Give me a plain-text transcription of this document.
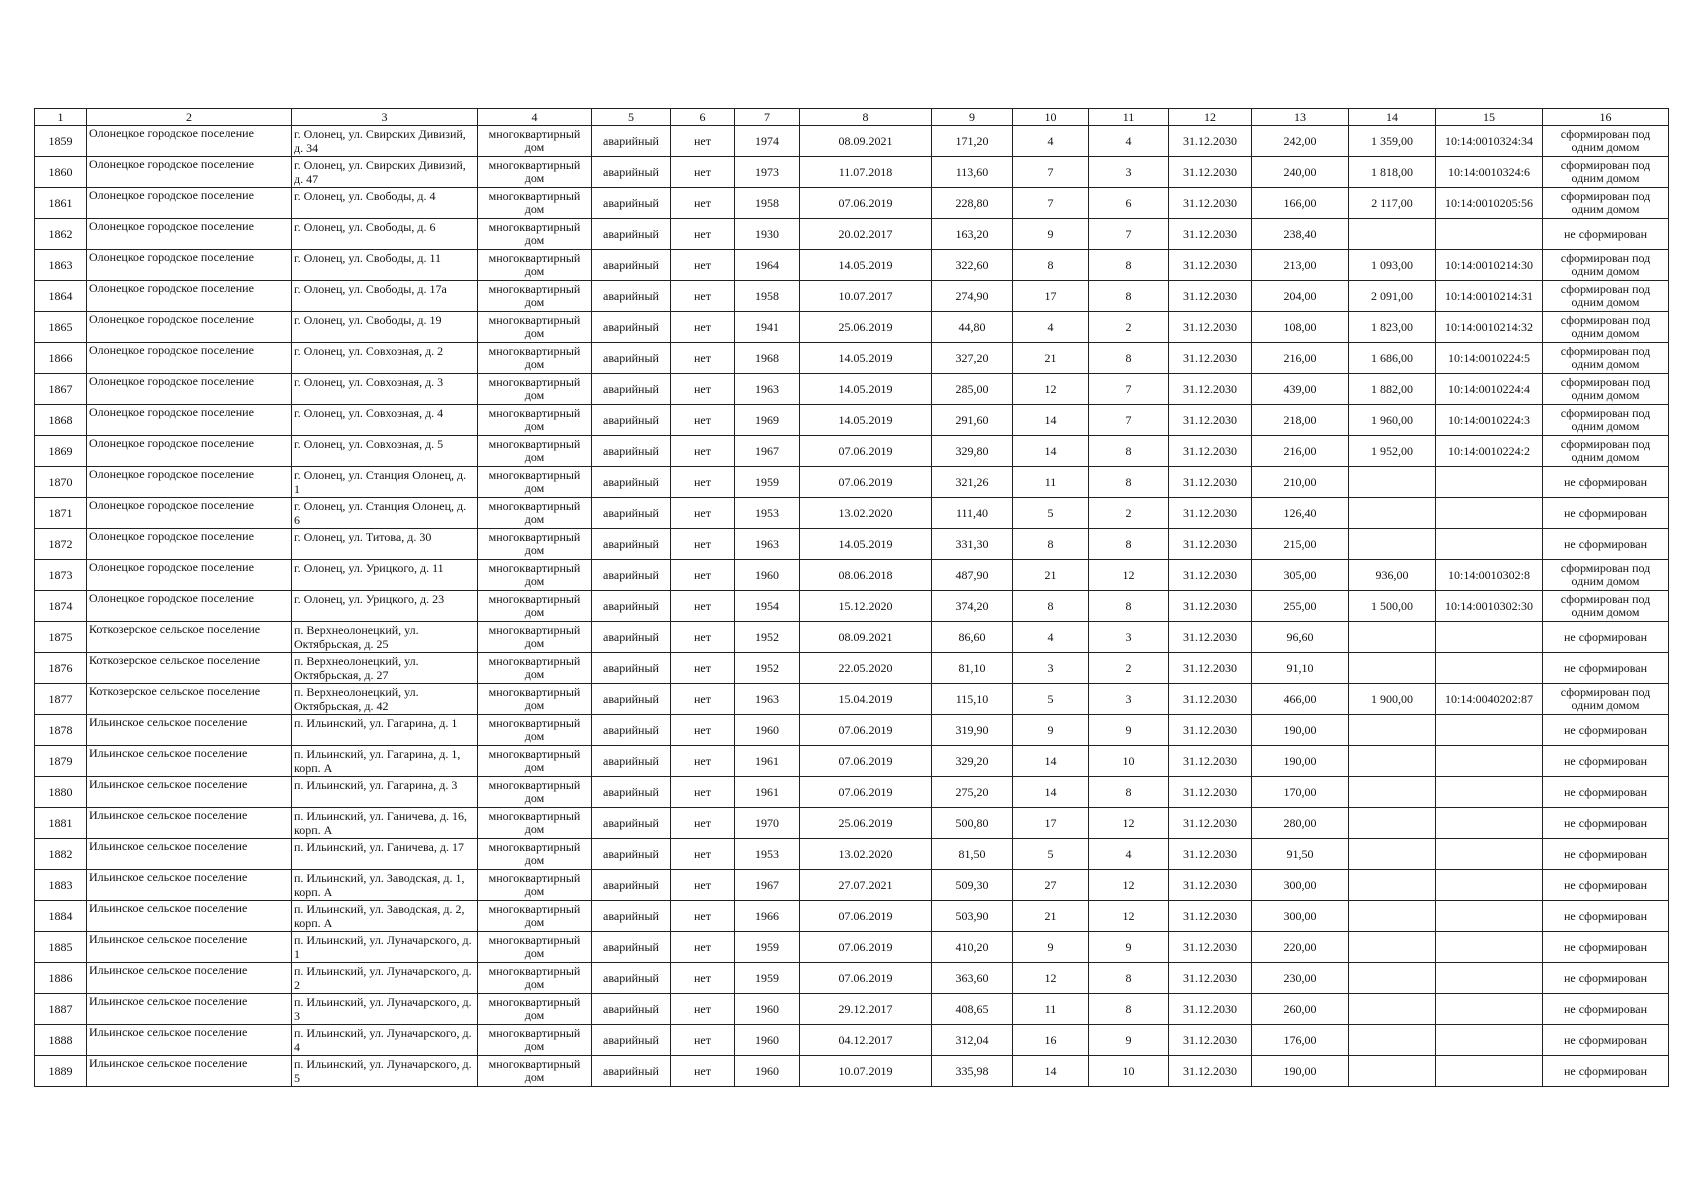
1	2	3	4	5	6	7	8	9	10	11	12	13	14	15	16
1859	Олонецкое городское поселение	г. Олонец, ул. Свирских Дивизий, д. 34	многоквартирный дом	аварийный	нет	1974	08.09.2021	171,20	4	4	31.12.2030	242,00	1 359,00	10:14:0010324:34	сформирован под одним домом
1860	Олонецкое городское поселение	г. Олонец, ул. Свирских Дивизий, д. 47	многоквартирный дом	аварийный	нет	1973	11.07.2018	113,60	7	3	31.12.2030	240,00	1 818,00	10:14:0010324:6	сформирован под одним домом
1861	Олонецкое городское поселение	г. Олонец, ул. Свободы, д. 4	многоквартирный дом	аварийный	нет	1958	07.06.2019	228,80	7	6	31.12.2030	166,00	2 117,00	10:14:0010205:56	сформирован под одним домом
1862	Олонецкое городское поселение	г. Олонец, ул. Свободы, д. 6	многоквартирный дом	аварийный	нет	1930	20.02.2017	163,20	9	7	31.12.2030	238,40			не сформирован
1863	Олонецкое городское поселение	г. Олонец, ул. Свободы, д. 11	многоквартирный дом	аварийный	нет	1964	14.05.2019	322,60	8	8	31.12.2030	213,00	1 093,00	10:14:0010214:30	сформирован под одним домом
1864	Олонецкое городское поселение	г. Олонец, ул. Свободы, д. 17а	многоквартирный дом	аварийный	нет	1958	10.07.2017	274,90	17	8	31.12.2030	204,00	2 091,00	10:14:0010214:31	сформирован под одним домом
1865	Олонецкое городское поселение	г. Олонец, ул. Свободы, д. 19	многоквартирный дом	аварийный	нет	1941	25.06.2019	44,80	4	2	31.12.2030	108,00	1 823,00	10:14:0010214:32	сформирован под одним домом
1866	Олонецкое городское поселение	г. Олонец, ул. Совхозная, д. 2	многоквартирный дом	аварийный	нет	1968	14.05.2019	327,20	21	8	31.12.2030	216,00	1 686,00	10:14:0010224:5	сформирован под одним домом
1867	Олонецкое городское поселение	г. Олонец, ул. Совхозная, д. 3	многоквартирный дом	аварийный	нет	1963	14.05.2019	285,00	12	7	31.12.2030	439,00	1 882,00	10:14:0010224:4	сформирован под одним домом
1868	Олонецкое городское поселение	г. Олонец, ул. Совхозная, д. 4	многоквартирный дом	аварийный	нет	1969	14.05.2019	291,60	14	7	31.12.2030	218,00	1 960,00	10:14:0010224:3	сформирован под одним домом
1869	Олонецкое городское поселение	г. Олонец, ул. Совхозная, д. 5	многоквартирный дом	аварийный	нет	1967	07.06.2019	329,80	14	8	31.12.2030	216,00	1 952,00	10:14:0010224:2	сформирован под одним домом
1870	Олонецкое городское поселение	г. Олонец, ул. Станция Олонец, д. 1	многоквартирный дом	аварийный	нет	1959	07.06.2019	321,26	11	8	31.12.2030	210,00			не сформирован
1871	Олонецкое городское поселение	г. Олонец, ул. Станция Олонец, д. 6	многоквартирный дом	аварийный	нет	1953	13.02.2020	111,40	5	2	31.12.2030	126,40			не сформирован
1872	Олонецкое городское поселение	г. Олонец, ул. Титова, д. 30	многоквартирный дом	аварийный	нет	1963	14.05.2019	331,30	8	8	31.12.2030	215,00			не сформирован
1873	Олонецкое городское поселение	г. Олонец, ул. Урицкого, д. 11	многоквартирный дом	аварийный	нет	1960	08.06.2018	487,90	21	12	31.12.2030	305,00	936,00	10:14:0010302:8	сформирован под одним домом
1874	Олонецкое городское поселение	г. Олонец, ул. Урицкого, д. 23	многоквартирный дом	аварийный	нет	1954	15.12.2020	374,20	8	8	31.12.2030	255,00	1 500,00	10:14:0010302:30	сформирован под одним домом
1875	Коткозерское сельское поселение	п. Верхнеолонецкий, ул. Октябрьская, д. 25	многоквартирный дом	аварийный	нет	1952	08.09.2021	86,60	4	3	31.12.2030	96,60			не сформирован
1876	Коткозерское сельское поселение	п. Верхнеолонецкий, ул. Октябрьская, д. 27	многоквартирный дом	аварийный	нет	1952	22.05.2020	81,10	3	2	31.12.2030	91,10			не сформирован
1877	Коткозерское сельское поселение	п. Верхнеолонецкий, ул. Октябрьская, д. 42	многоквартирный дом	аварийный	нет	1963	15.04.2019	115,10	5	3	31.12.2030	466,00	1 900,00	10:14:0040202:87	сформирован под одним домом
1878	Ильинское сельское поселение	п. Ильинский, ул. Гагарина, д. 1	многоквартирный дом	аварийный	нет	1960	07.06.2019	319,90	9	9	31.12.2030	190,00			не сформирован
1879	Ильинское сельское поселение	п. Ильинский, ул. Гагарина, д. 1, корп. А	многоквартирный дом	аварийный	нет	1961	07.06.2019	329,20	14	10	31.12.2030	190,00			не сформирован
1880	Ильинское сельское поселение	п. Ильинский, ул. Гагарина, д. 3	многоквартирный дом	аварийный	нет	1961	07.06.2019	275,20	14	8	31.12.2030	170,00			не сформирован
1881	Ильинское сельское поселение	п. Ильинский, ул. Ганичева, д. 16, корп. А	многоквартирный дом	аварийный	нет	1970	25.06.2019	500,80	17	12	31.12.2030	280,00			не сформирован
1882	Ильинское сельское поселение	п. Ильинский, ул. Ганичева, д. 17	многоквартирный дом	аварийный	нет	1953	13.02.2020	81,50	5	4	31.12.2030	91,50			не сформирован
1883	Ильинское сельское поселение	п. Ильинский, ул. Заводская, д. 1, корп. А	многоквартирный дом	аварийный	нет	1967	27.07.2021	509,30	27	12	31.12.2030	300,00			не сформирован
1884	Ильинское сельское поселение	п. Ильинский, ул. Заводская, д. 2, корп. А	многоквартирный дом	аварийный	нет	1966	07.06.2019	503,90	21	12	31.12.2030	300,00			не сформирован
1885	Ильинское сельское поселение	п. Ильинский, ул. Луначарского, д. 1	многоквартирный дом	аварийный	нет	1959	07.06.2019	410,20	9	9	31.12.2030	220,00			не сформирован
1886	Ильинское сельское поселение	п. Ильинский, ул. Луначарского, д. 2	многоквартирный дом	аварийный	нет	1959	07.06.2019	363,60	12	8	31.12.2030	230,00			не сформирован
1887	Ильинское сельское поселение	п. Ильинский, ул. Луначарского, д. 3	многоквартирный дом	аварийный	нет	1960	29.12.2017	408,65	11	8	31.12.2030	260,00			не сформирован
1888	Ильинское сельское поселение	п. Ильинский, ул. Луначарского, д. 4	многоквартирный дом	аварийный	нет	1960	04.12.2017	312,04	16	9	31.12.2030	176,00			не сформирован
1889	Ильинское сельское поселение	п. Ильинский, ул. Луначарского, д. 5	многоквартирный дом	аварийный	нет	1960	10.07.2019	335,98	14	10	31.12.2030	190,00			не сформирован
